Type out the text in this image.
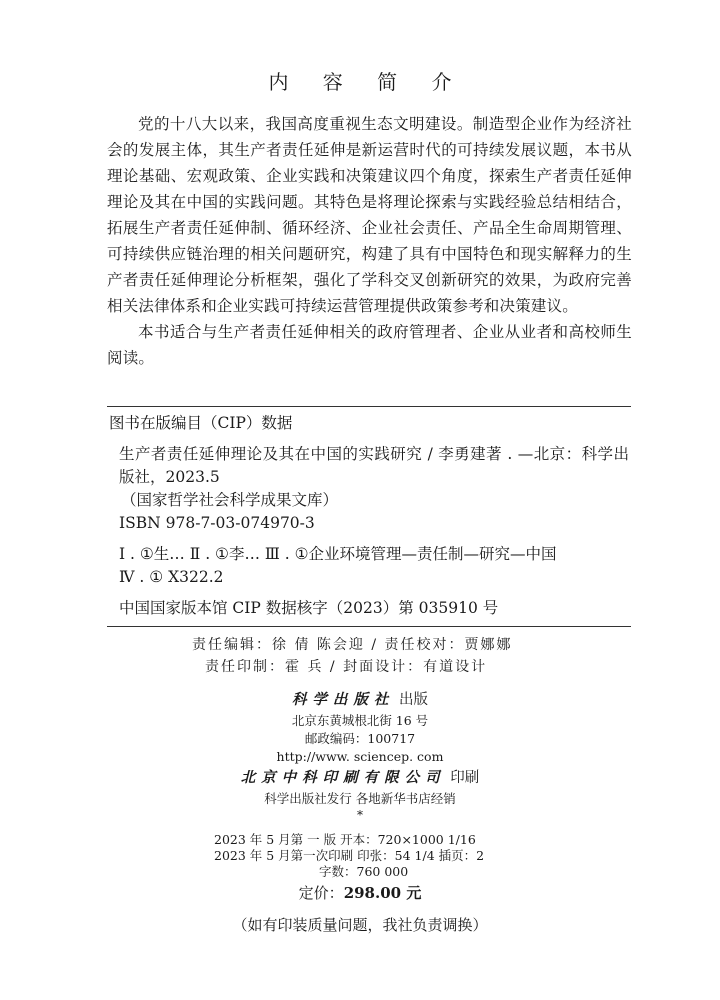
内 容 简 介

党的十八大以来，我国高度重视生态文明建设。制造型企业作为经济社会的发展主体，其生产者责任延伸是新运营时代的可持续发展议题，本书从理论基础、宏观政策、企业实践和决策建议四个角度，探索生产者责任延伸理论及其在中国的实践问题。其特色是将理论探索与实践经验总结相结合，拓展生产者责任延伸制、循环经济、企业社会责任、产品全生命周期管理、可持续供应链治理的相关问题研究，构建了具有中国特色和现实解释力的生产者责任延伸理论分析框架，强化了学科交叉创新研究的效果，为政府完善相关法律体系和企业实践可持续运营管理提供政策参考和决策建议。

本书适合与生产者责任延伸相关的政府管理者、企业从业者和高校师生阅读。

图书在版编目（CIP）数据
生产者责任延伸理论及其在中国的实践研究 / 李勇建著 . —北京：科学出版社，2023.5
（国家哲学社会科学成果文库）
ISBN 978-7-03-074970-3
Ⅰ . ①生… Ⅱ . ①李… Ⅲ . ①企业环境管理—责任制—研究—中国
Ⅳ . ① X322.2
中国国家版本馆 CIP 数据核字（2023）第 035910 号
责任编辑：徐 倩 陈会迎 / 责任校对：贾娜娜
责任印制：霍 兵 / 封面设计：有道设计
科学出版社 出版
北京东黄城根北街 16 号
邮政编码：100717
http://www. sciencep. com
北京中科印刷有限公司 印刷
科学出版社发行 各地新华书店经销
*
2023 年 5 月第 一 版 开本：720×1000 1/16
2023 年 5 月第一次印刷 印张：54 1/4 插页：2
字数：760 000
定价：298.00 元
（如有印装质量问题，我社负责调换）
